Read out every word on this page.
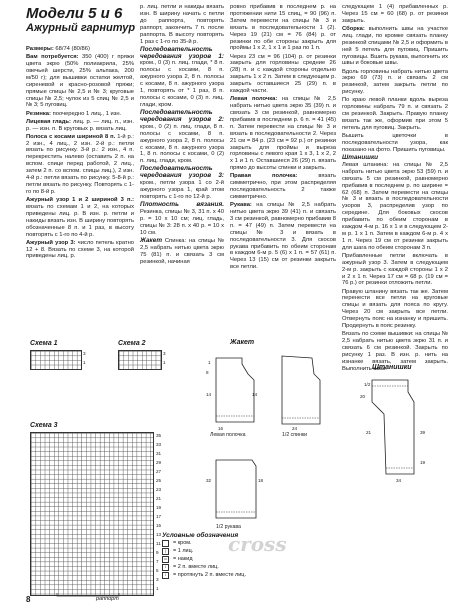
Модели 5 и 6
Ажурный гарнитур

Размеры: 68/74 (80/86)

Вам потребуется: 350 (400) г пряжи цвета экрю (50% полиакрила, 25% овечьей шерсти, 25% альпака, 200 м/50 г); для вышивки остатки желтой, сиреневой и красно-розовой пряжи; прямые спицы № 2,5 и № 3; круговые спицы № 2,5; чулок из 5 спиц № 2,5 и № 3; 5 пуговиц.

Резинка: поочередно 1 лиц., 1 изн.

Лицевая гладь: лиц. р. — лиц. п., изн. р. — изн. п. В круговых р. вязать лиц.

Полоса с косами шириной 8 п. 1-й р.: 2 изн., 4 лиц., 2 изн. 2-й р.: петли вязать по рисунку. 3-й р.: 2 изн., 4 п. перекрестить налево (оставить 2 п. на вспом. спице перед работой, 2 лиц., затем 2 п. со вспом. спицы лиц.), 2 изн. 4-й р.: петли вязать по рисунку. 5-8-й р.: петли вязать по рисунку. Повторять с 1-го по 8-й р.

Ажурный узор 1 и 2 шириной 3 п.: вязать по схемам 1 и 2, на которых приведены лиц. р. В изн. р. петли и накиды вязать изн. В ширину повторять обозначенные 8 п. и 1 раз, в высоту повторять с 1-го по 4-й р.

Ажурный узор 3: число петель кратно 12 + 8. Вязать по схеме 3, на которой приведены лиц. р.

р. лиц. петли и накиды вязать изн. В ширину начать с петли до раппорта, повторять раппорт, закончить 7 п. после раппорта. В высоту повторять 1 раз с 1-го по 35-й р.

Последовательность чередования узоров 1: кром., 0 (3) п. лиц. глади, * 8 п. полосы с косами, 8 п. ажурного узора 2, 8 п. полосы с косами, 8 п. ажурного узора 1, повторять от * 1 раз, 8 п. полосы с косами, 0 (3) п. лиц. глади, кром.

Последовательность чередования узоров 2: кром., 0 (2) п. лиц. глади, 8 п. полосы с косами, 8 п. ажурного узора 2, 8 п. полосы с косами, 8 п. ажурного узора 1, 8 п. полосы с косами, 0 (2) п. лиц. глади, кром.

Последовательность чередования узоров 3: кром., петли узора 1 со 2-й ажурного узора 1, край этом повторять с 1-го по 12-й р.

Плотность вязания. Резинка, спицы № 3, 31 п. x 40 р. = 10 x 10 см; лиц. гладь, спицы № 3: 28 п. x 40 р. = 10 x 10 см.

Жакет Спинка: на спицы № 2,5 набрать нитью цвета экрю 75 (81) п. и связать 3 см резинкой, начиная

ровно прибавив в последнем р. на протяжении нити 15 спиц, = 90 (96) п. Затем перевести на спицы № 3 и вязать в последовательности 1 (2). Через 19 (21) см = 76 (84) р. от резинки по обе стороны закрыть для проймы 1 x 2, 1 x 1 и 1 раз по 1 п.

Через 23 см = 96 (104) р. от резинки закрыть для горловины средние 26 (28) п. и с каждой стороны отдельно закрыть 1 x 2 п. Затем в следующем р. закрыть оставшиеся 25 (29) п. в каждой части.

Левая полочка: на спицы № 2,5 набрать нитью цвета экрю 35 (39) п. и связать 3 см резинкой, равномерно прибавив в последнем р. 6 п. = 41 (45) п. Затем перевести на спицы № 3 и вязать в последовательности 2. Через 21 см = 84 р. (23 см = 92 р.) от резинки закрыть для проймы и выреза горловины с левого края 1 x 3, 1 x 2, 2 x 1 и 1 п. Оставшиеся 26 (29) п. вязать прямо до высоты спинки и закрыть.

Правая полочка:	вязать симметрично, при этом распределяя последовательность 2 также симметрично.

Рукава: на спицы № 2,5 набрать нитью цвета экрю 39 (41) п. и связать 3 см резинкой, равномерно прибавив 8 п. = 47 (49) п. Затем перевести на спицы № 3 и вязать в последовательности 3. Для скосов рукава прибавить по обеим сторонам в каждом 6-м р. 5 (6) x 1 п. = 57 (61) п. Через 13 (15) см от резинки закрыть все петли.

следующем 1 (4) прибавленных р. Через 15 см = 60 (68) р. от резинки закрыть.

Сборка: выполнить швы на участке лиц. глади, по кромке связать планку резинкой спицами № 2,5 и оформить в ней 5 петель для пуговиц. Пришить пуговицы. Вшить рукава, выполнить их швы и боковые швы.

Вдоль горловины набрать нитью цвета экрю 69 (73) п. и связать 2 см резинкой, затем закрыть петли по рисунку.

По краю левой планки вдоль выреза горловины набрать 79 п. и связать 2 см резинкой. Закрыть. Правую планку вязать так же, оформив при этом 5 петель для пуговиц. Закрыть.

Вышить цветочки в последовательности узора, как показано на фото. Пришить пуговицы.

Штанишки
Левая штанина: на спицы № 2,5 набрать нитью цвета экрю 53 (59) п. и связать 5 см резинкой, равномерно прибавив в последнем р. по ширине = 62 (68) п. Затем перевести на спицы № 3 и вязать в последовательности узоров 3, распределив узор по середине. Для боковых скосов прибавить по обеим сторонам в каждом 4-м р. 16 x 1 и в следующем 2-м р. 1 x 1 п. Затем в каждом 6-м р. 4 x 1 п. Через 19 см от резинки закрыть для шага по обеим сторонам 3 п.

Прибавленные петли включать в ажурный узор 3. Затем в следующем 2-м р. закрыть с каждой стороны 1 x 2 и 2 x 1 п. Через 17 см = 68 р. (19 см = 76 р.) от резинки отложить петли.

Правую штанину вязать так же. Затем перенести все петли на круговые спицы и вязать для пояса по кругу. Через 20 см закрыть все петли. Отвернуть пояс на изнанку и пришить. Продернуть в пояс резинку.

Вязать по схеме вышивки: на спицы № 2,5 набрать нитью цвета экрю 31 п. и связать 6 см резинкой. Закрыть по рисунку 1 раз. В изн. р. нить на изнанке вязать, затем закрыть. Выполнить швы.

Схема 1
3
1
Схема 2
3
1
Схема 3
35
33
31
29
27
25
23
21
19
17
15
13
11
9
7
5
3
1
раппорт
Жакет
1
8
14	14
16	24
32	18
Левая полочка	1/2 спинки
1/2 рукава
Штанишки
1/2
20
21	39
34
19
Условные обозначения
= кром.
|	= 1 лиц.
o	= накид
/	= 2 п. вместе лиц.
\	= протянуть 2 п. вместе лиц.
cross
8
